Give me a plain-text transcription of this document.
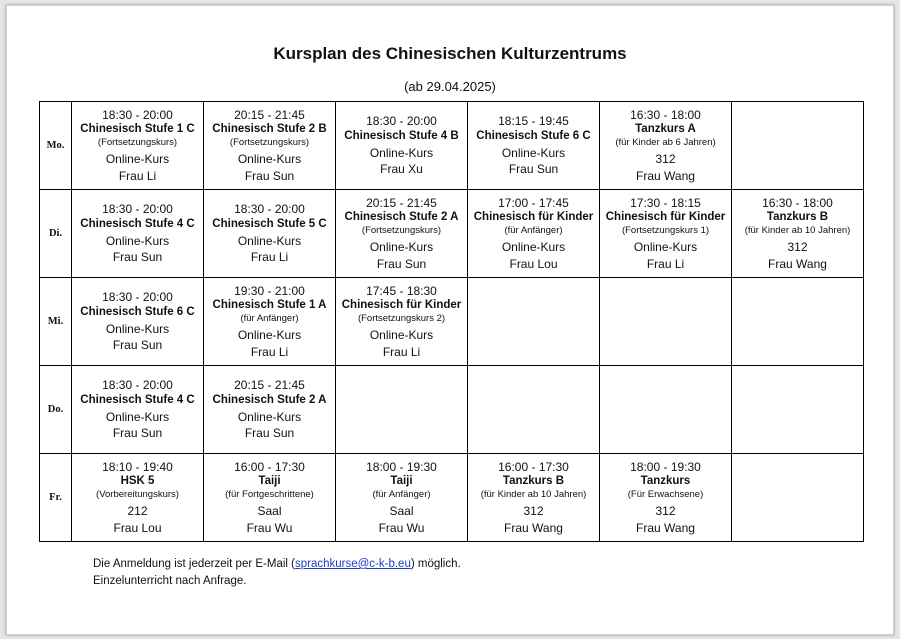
Kursplan des Chinesischen Kulturzentrums
(ab 29.04.2025)
Mo.	18:30 - 20:00
Chinesisch Stufe 1 C
(Fortsetzungskurs)
Online-Kurs
Frau Li	20:15 - 21:45
Chinesisch Stufe 2 B
(Fortsetzungskurs)
Online-Kurs
Frau Sun	18:30 - 20:00
Chinesisch Stufe 4 B
Online-Kurs
Frau Xu	18:15 - 19:45
Chinesisch Stufe 6 C
Online-Kurs
Frau Sun	16:30 - 18:00
Tanzkurs A
(für Kinder ab 6 Jahren)
312
Frau Wang	

Di.	18:30 - 20:00
Chinesisch Stufe 4 C
Online-Kurs
Frau Sun	18:30 - 20:00
Chinesisch Stufe 5 C
Online-Kurs
Frau Li	20:15 - 21:45
Chinesisch Stufe 2 A
(Fortsetzungskurs)
Online-Kurs
Frau Sun	17:00 - 17:45
Chinesisch für Kinder
(für Anfänger)
Online-Kurs
Frau Lou	17:30 - 18:15
Chinesisch für Kinder
(Fortsetzungskurs 1)
Online-Kurs
Frau Li	16:30 - 18:00
Tanzkurs B
(für Kinder ab 10 Jahren)
312
Frau Wang

Mi.	18:30 - 20:00
Chinesisch Stufe 6 C
Online-Kurs
Frau Sun	19:30 - 21:00
Chinesisch Stufe 1 A
(für Anfänger)
Online-Kurs
Frau Li	17:45 - 18:30
Chinesisch für Kinder
(Fortsetzungskurs 2)
Online-Kurs
Frau Li			

Do.	18:30 - 20:00
Chinesisch Stufe 4 C
Online-Kurs
Frau Sun	20:15 - 21:45
Chinesisch Stufe 2 A
Online-Kurs
Frau Sun				

Fr.	18:10 - 19:40
HSK 5
(Vorbereitungskurs)
212
Frau Lou	16:00 - 17:30
Taiji
(für Fortgeschrittene)
Saal
Frau Wu	18:00 - 19:30
Taiji
(für Anfänger)
Saal
Frau Wu	16:00 - 17:30
Tanzkurs B
(für Kinder ab 10 Jahren)
312
Frau Wang	18:00 - 19:30
Tanzkurs
(Für Erwachsene)
312
Frau Wang	

Die Anmeldung ist jederzeit per E-Mail (sprachkurse@c-k-b.eu) möglich.
Einzelunterricht nach Anfrage.
